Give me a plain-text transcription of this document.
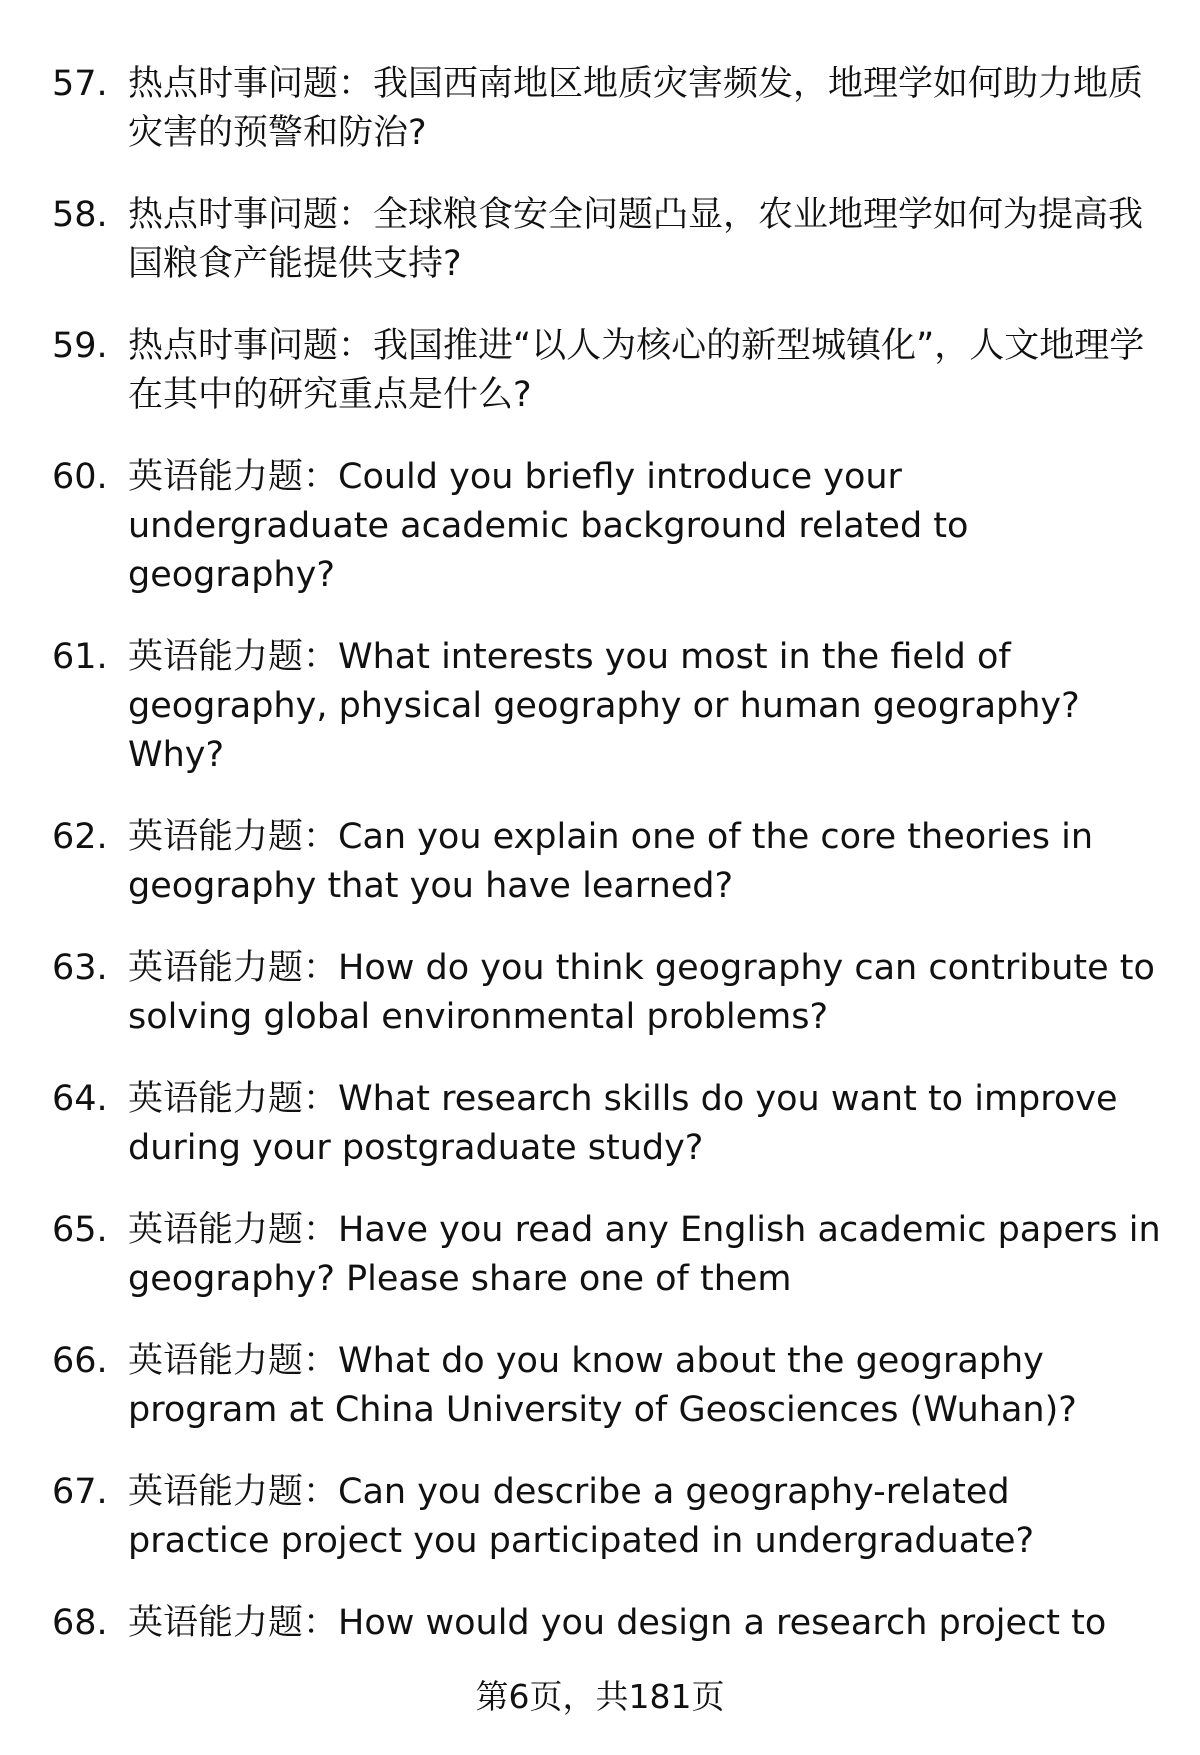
57. 热点时事问题：我国西南地区地质灾害频发，地理学如何助力地质灾害的预警和防治?
58. 热点时事问题：全球粮食安全问题凸显，农业地理学如何为提高我国粮食产能提供支持?
59. 热点时事问题：我国推进“以人为核心的新型城镇化”，人文地理学在其中的研究重点是什么?
60. 英语能力题：Could you briefly introduce your undergraduate academic background related to geography?
61. 英语能力题：What interests you most in the field of geography, physical geography or human geography? Why?
62. 英语能力题：Can you explain one of the core theories in geography that you have learned?
63. 英语能力题：How do you think geography can contribute to solving global environmental problems?
64. 英语能力题：What research skills do you want to improve during your postgraduate study?
65. 英语能力题：Have you read any English academic papers in geography? Please share one of them
66. 英语能力题：What do you know about the geography program at China University of Geosciences (Wuhan)?
67. 英语能力题：Can you describe a geography-related practice project you participated in undergraduate?
68. 英语能力题：How would you design a research project to
第6页，共181页
